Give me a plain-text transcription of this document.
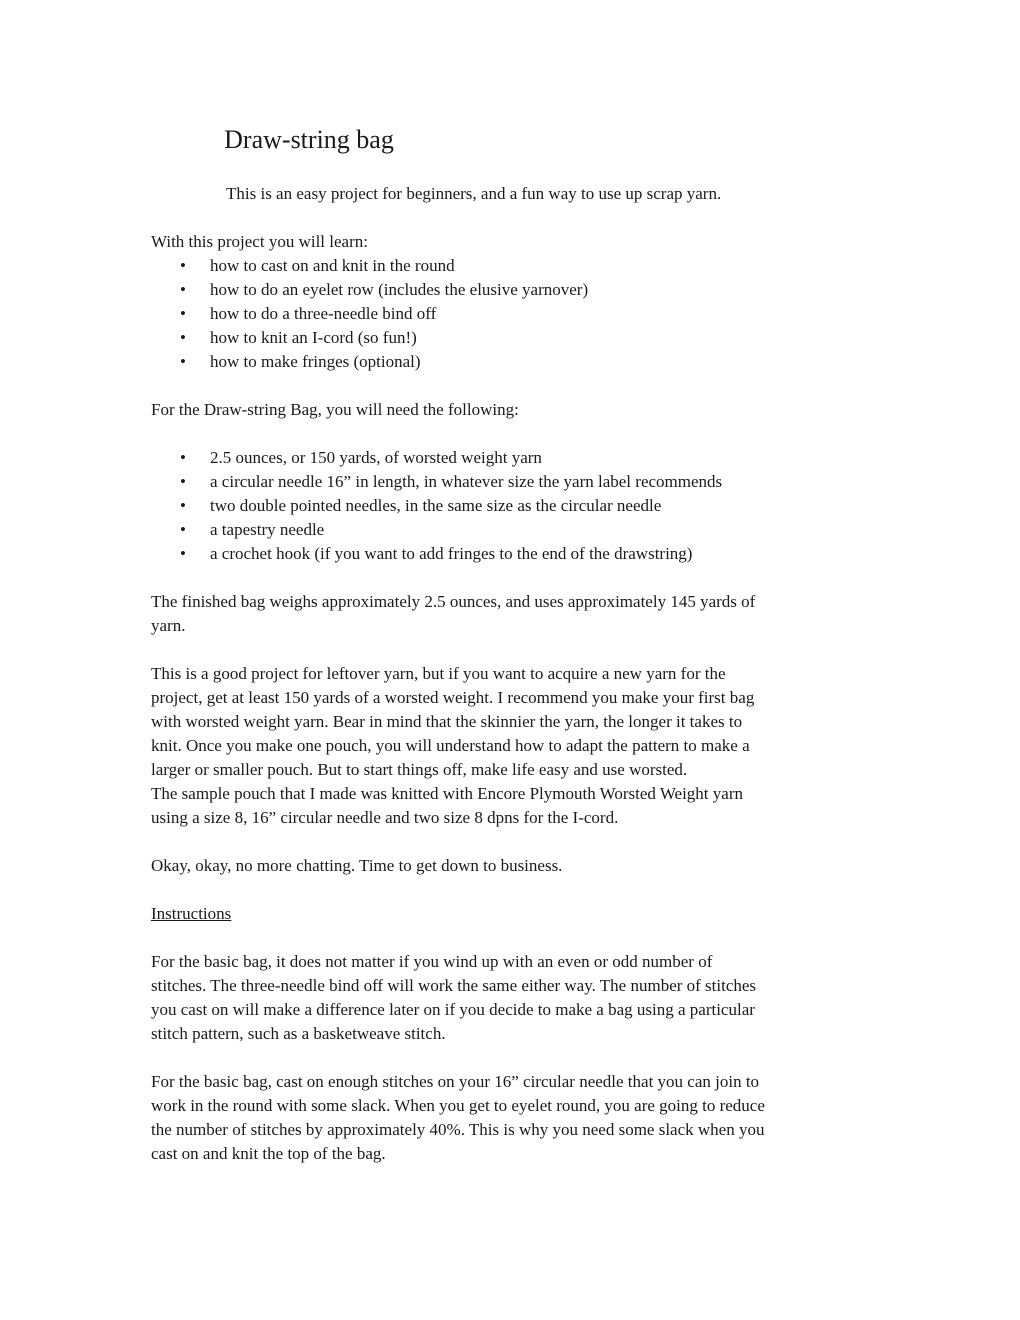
Draw-string bag

This is an easy project for beginners, and a fun way to use up scrap yarn.

With this project you will learn:
• how to cast on and knit in the round
• how to do an eyelet row (includes the elusive yarnover)
• how to do a three-needle bind off
• how to knit an I-cord (so fun!)
• how to make fringes (optional)
For the Draw-string Bag, you will need the following:
• 2.5 ounces, or 150 yards, of worsted weight yarn
• a circular needle 16” in length, in whatever size the yarn label recommends
• two double pointed needles, in the same size as the circular needle
• a tapestry needle
• a crochet hook (if you want to add fringes to the end of the drawstring)
The finished bag weighs approximately 2.5 ounces, and uses approximately 145 yards of
yarn.
This is a good project for leftover yarn, but if you want to acquire a new yarn for the
project, get at least 150 yards of a worsted weight. I recommend you make your first bag
with worsted weight yarn. Bear in mind that the skinnier the yarn, the longer it takes to
knit. Once you make one pouch, you will understand how to adapt the pattern to make a
larger or smaller pouch. But to start things off, make life easy and use worsted.
The sample pouch that I made was knitted with Encore Plymouth Worsted Weight yarn
using a size 8, 16” circular needle and two size 8 dpns for the I-cord.
Okay, okay, no more chatting. Time to get down to business.
Instructions
For the basic bag, it does not matter if you wind up with an even or odd number of
stitches. The three-needle bind off will work the same either way. The number of stitches
you cast on will make a difference later on if you decide to make a bag using a particular
stitch pattern, such as a basketweave stitch.
For the basic bag, cast on enough stitches on your 16” circular needle that you can join to
work in the round with some slack. When you get to eyelet round, you are going to reduce
the number of stitches by approximately 40%. This is why you need some slack when you
cast on and knit the top of the bag.
